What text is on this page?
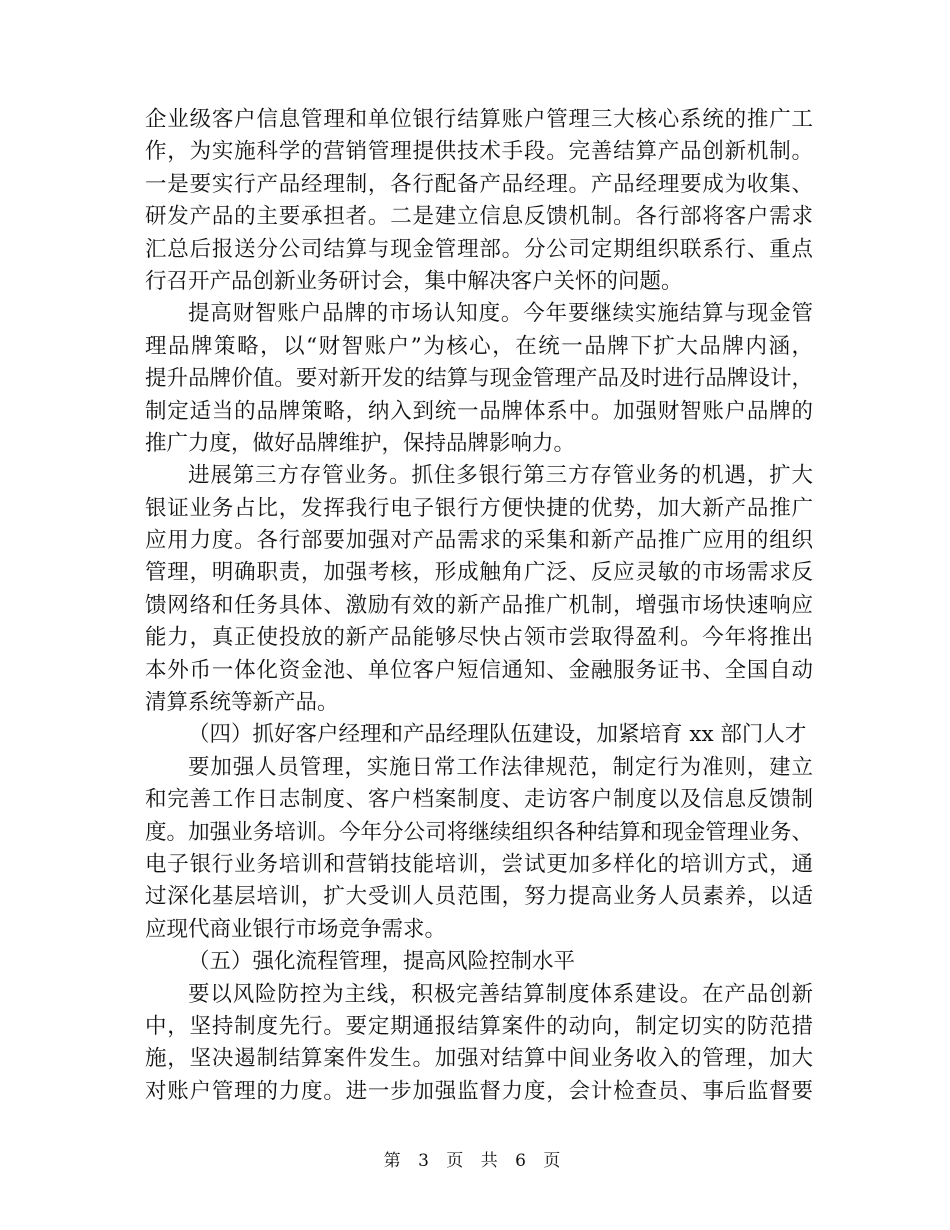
企业级客户信息管理和单位银行结算账户管理三大核心系统的推广工
作，为实施科学的营销管理提供技术手段。完善结算产品创新机制。
一是要实行产品经理制，各行配备产品经理。产品经理要成为收集、
研发产品的主要承担者。二是建立信息反馈机制。各行部将客户需求
汇总后报送分公司结算与现金管理部。分公司定期组织联系行、重点
行召开产品创新业务研讨会，集中解决客户关怀的问题。
提高财智账户品牌的市场认知度。今年要继续实施结算与现金管
理品牌策略，以“财智账户”为核心，在统一品牌下扩大品牌内涵，
提升品牌价值。要对新开发的结算与现金管理产品及时进行品牌设计，
制定适当的品牌策略，纳入到统一品牌体系中。加强财智账户品牌的
推广力度，做好品牌维护，保持品牌影响力。
进展第三方存管业务。抓住多银行第三方存管业务的机遇，扩大
银证业务占比，发挥我行电子银行方便快捷的优势，加大新产品推广
应用力度。各行部要加强对产品需求的采集和新产品推广应用的组织
管理，明确职责，加强考核，形成触角广泛、反应灵敏的市场需求反
馈网络和任务具体、激励有效的新产品推广机制，增强市场快速响应
能力，真正使投放的新产品能够尽快占领市尝取得盈利。今年将推出
本外币一体化资金池、单位客户短信通知、金融服务证书、全国自动
清算系统等新产品。
（四）抓好客户经理和产品经理队伍建设，加紧培育 xx 部门人才
要加强人员管理，实施日常工作法律规范，制定行为准则，建立
和完善工作日志制度、客户档案制度、走访客户制度以及信息反馈制
度。加强业务培训。今年分公司将继续组织各种结算和现金管理业务、
电子银行业务培训和营销技能培训，尝试更加多样化的培训方式，通
过深化基层培训，扩大受训人员范围，努力提高业务人员素养，以适
应现代商业银行市场竞争需求。
（五）强化流程管理，提高风险控制水平
要以风险防控为主线，积极完善结算制度体系建设。在产品创新
中，坚持制度先行。要定期通报结算案件的动向，制定切实的防范措
施，坚决遏制结算案件发生。加强对结算中间业务收入的管理，加大
对账户管理的力度。进一步加强监督力度，会计检查员、事后监督要
第 3 页 共 6 页
